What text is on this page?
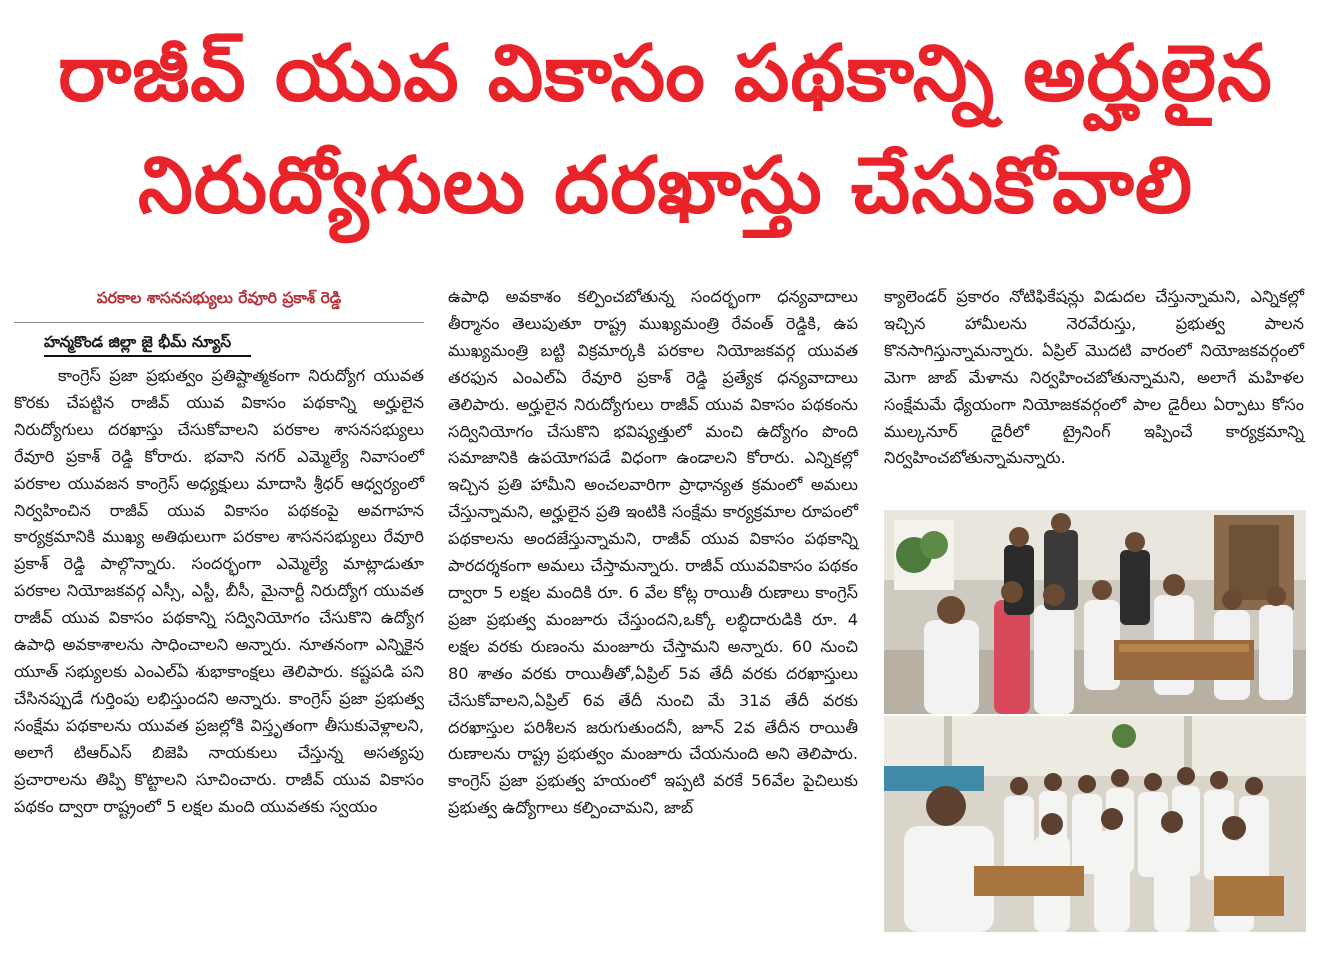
రాజీవ్ యువ వికాసం పథకాన్ని అర్హులైన
నిరుద్యోగులు దరఖాస్తు చేసుకోవాలి
పరకాల శాసనసభ్యులు రేవూరి ప్రకాశ్ రెడ్డి
హన్మకొండ జిల్లా జై భీమ్ న్యూస్

కాంగ్రెస్ ప్రజా ప్రభుత్వం ప్రతిష్టాత్మకంగా నిరుద్యోగ యువత కొరకు చేపట్టిన రాజీవ్ యువ వికాసం పథకాన్ని అర్హులైన నిరుద్యోగులు దరఖాస్తు చేసుకోవాలని పరకాల శాసనసభ్యులు రేవూరి ప్రకాశ్ రెడ్డి కోరారు. భవాని నగర్ ఎమ్మెల్యే నివాసంలో పరకాల యువజన కాంగ్రెస్ అధ్యక్షులు మాదాసి శ్రీధర్ ఆధ్వర్యంలో నిర్వహించిన రాజీవ్ యువ వికాసం పథకంపై అవగాహన కార్యక్రమానికి ముఖ్య అతిథులుగా పరకాల శాసనసభ్యులు రేవూరి ప్రకాశ్ రెడ్డి పాల్గొన్నారు. సందర్భంగా ఎమ్మెల్యే మాట్లాడుతూ పరకాల నియోజకవర్గ ఎస్సీ, ఎస్టీ, బీసీ, మైనార్టీ నిరుద్యోగ యువత రాజీవ్ యువ వికాసం పథకాన్ని సద్వినియోగం చేసుకొని ఉద్యోగ ఉపాధి అవకాశాలను సాధించాలని అన్నారు. నూతనంగా ఎన్నికైన యూత్ సభ్యులకు ఎంఎల్ఏ శుభాకాంక్షలు తెలిపారు. కష్టపడి పని చేసినప్పుడే గుర్తింపు లభిస్తుందని అన్నారు. కాంగ్రెస్ ప్రజా ప్రభుత్వ సంక్షేమ పథకాలను యువత ప్రజల్లోకి విస్తృతంగా తీసుకువెళ్లాలని, అలాగే టిఆర్ఎస్ బిజెపి నాయకులు చేస్తున్న అసత్యపు ప్రచారాలను తిప్పి కొట్టాలని సూచించారు. రాజీవ్ యువ వికాసం పథకం ద్వారా రాష్ట్రంలో 5 లక్షల మంది యువతకు స్వయం

ఉపాధి అవకాశం కల్పించబోతున్న సందర్భంగా ధన్యవాదాలు తీర్మానం తెలుపుతూ రాష్ట్ర ముఖ్యమంత్రి రేవంత్ రెడ్డికి, ఉప ముఖ్యమంత్రి బట్టి విక్రమార్కకి పరకాల నియోజకవర్గ యువత తరఫున ఎంఎల్ఏ రేవూరి ప్రకాశ్ రెడ్డి ప్రత్యేక ధన్యవాదాలు తెలిపారు. అర్హులైన నిరుద్యోగులు రాజీవ్ యువ వికాసం పథకంను సద్వినియోగం చేసుకొని భవిష్యత్తులో మంచి ఉద్యోగం పొంది సమాజానికి ఉపయోగపడే విధంగా ఉండాలని కోరారు. ఎన్నికల్లో ఇచ్చిన ప్రతి హామీని అంచలవారిగా ప్రాధాన్యత క్రమంలో అమలు చేస్తున్నామని, అర్హులైన ప్రతి ఇంటికి సంక్షేమ కార్యక్రమాల రూపంలో పథకాలను అందజేస్తున్నామని, రాజీవ్ యువ వికాసం పథకాన్ని పారదర్శకంగా అమలు చేస్తామన్నారు. రాజీవ్ యువవికాసం పథకం ద్వారా 5 లక్షల మందికి రూ. 6 వేల కోట్ల రాయితీ రుణాలు కాంగ్రెస్ ప్రజా ప్రభుత్వ మంజూరు చేస్తుందని,ఒక్కో లబ్ధిదారుడికి రూ. 4 లక్షల వరకు రుణంను మంజూరు చేస్తామని అన్నారు. 60 నుంచి 80 శాతం వరకు రాయితీతో,ఏప్రిల్ 5వ తేదీ వరకు దరఖాస్తులు చేసుకోవాలని,ఏప్రిల్ 6వ తేదీ నుంచి మే 31వ తేదీ వరకు దరఖాస్తుల పరిశీలన జరుగుతుందనీ, జూన్ 2వ తేదీన రాయితీ రుణాలను రాష్ట్ర ప్రభుత్వం మంజూరు చేయనుంది అని తెలిపారు. కాంగ్రెస్ ప్రజా ప్రభుత్వ హయంలో ఇప్పటి వరకే 56వేల పైచిలుకు ప్రభుత్వ ఉద్యోగాలు కల్పించామని, జాబ్

క్యాలెండర్ ప్రకారం నోటిఫికేషన్లు విడుదల చేస్తున్నామని, ఎన్నికల్లో ఇచ్చిన హామీలను నెరవేరుస్తు, ప్రభుత్వ పాలన కొనసాగిస్తున్నామన్నారు. ఏప్రిల్ మొదటి వారంలో నియోజకవర్గంలో మెగా జాబ్ మేళాను నిర్వహించబోతున్నామని, అలాగే మహిళల సంక్షేమమే ధ్యేయంగా నియోజకవర్గంలో పాల డైరీలు ఏర్పాటు కోసం ముల్కనూర్ డైరీలో ట్రైనింగ్ ఇప్పించే కార్యక్రమాన్ని నిర్వహించబోతున్నామన్నారు.
